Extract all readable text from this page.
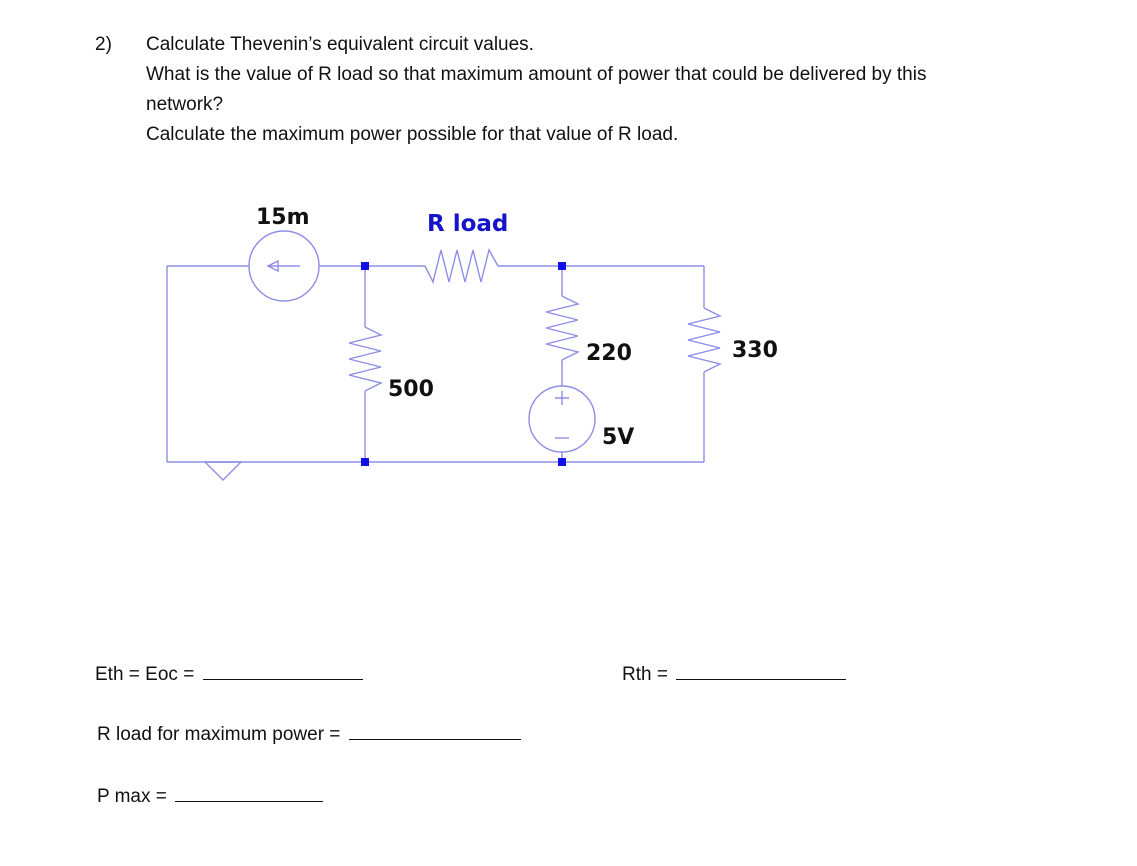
2) Calculate Thevenin’s equivalent circuit values.
What is the value of R load so that maximum amount of power that could be delivered by this
network?
Calculate the maximum power possible for that value of R load.
15m	R load
500
220
5V
330
Eth = Eoc =	Rth =
R load for maximum power =
P max =
